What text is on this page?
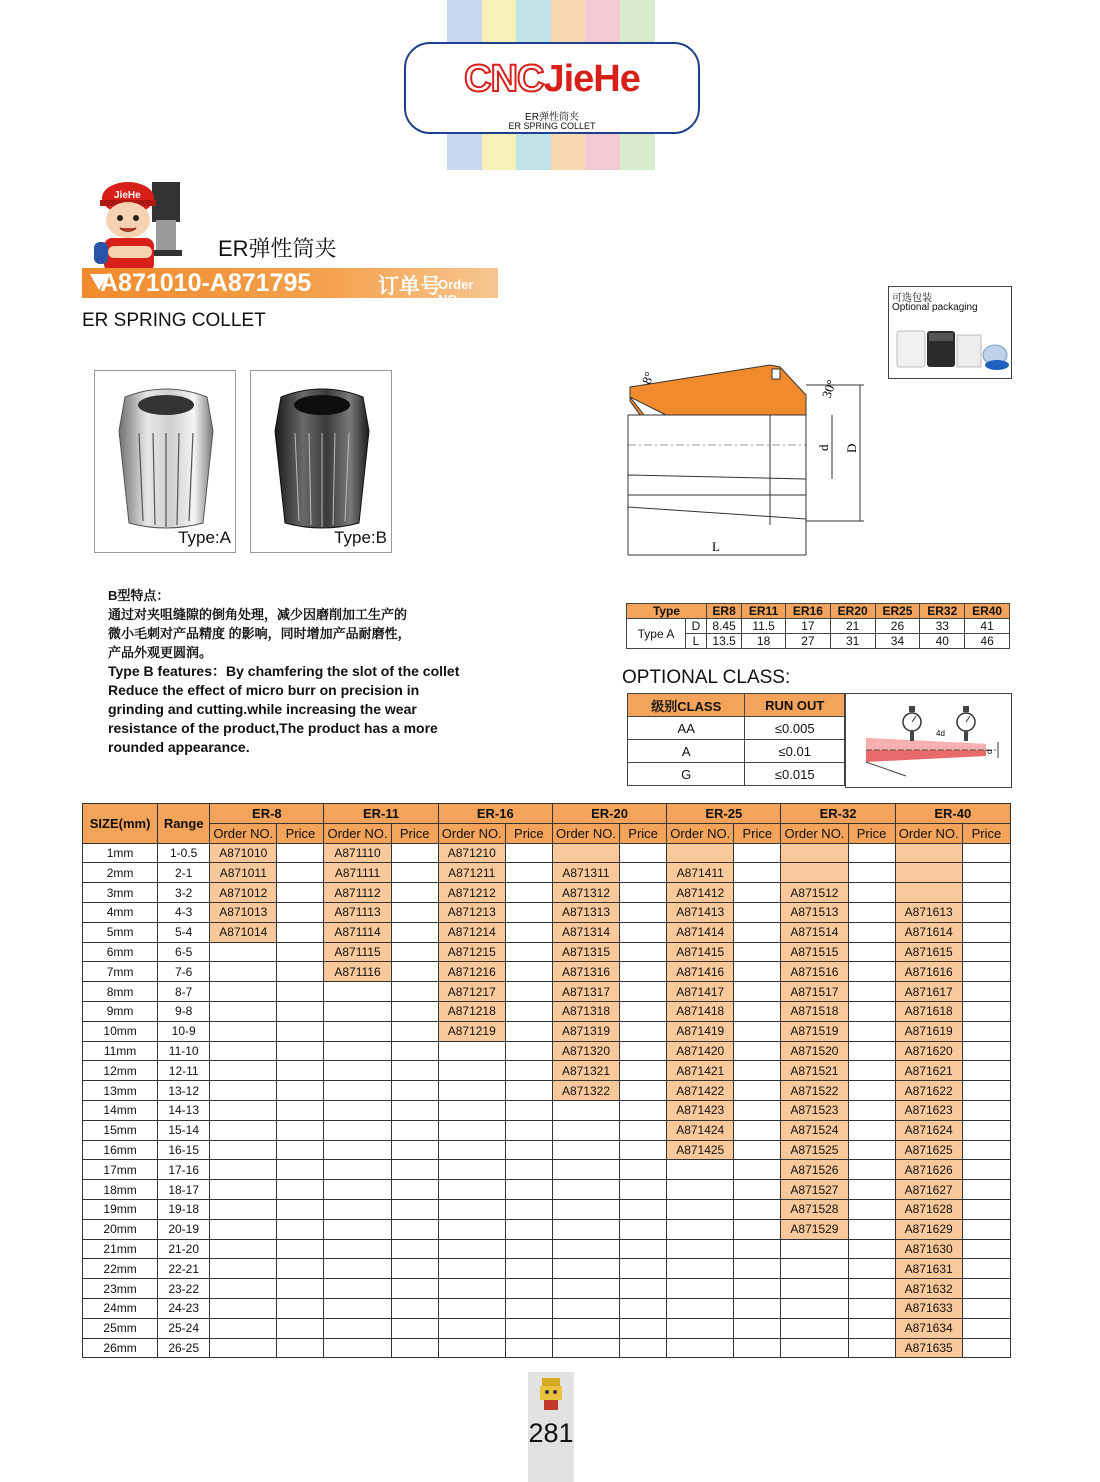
CNCJieHe
ER弹性筒夹
ER SPRING COLLET
JieHe
ER弹性筒夹
A871010-A871795	订单号
Order NO.
ER SPRING COLLET
可选包装
Optional packaging
Type:A	Type:B
8°	30°
d D
L
B型特点：
通过对夹咀缝隙的倒角处理，减少因磨削加工生产的
微小毛刺对产品精度 的影响，同时增加产品耐磨性，
产品外观更圆润。
Type B features：By chamfering the slot of the collet
Reduce the effect of micro burr on precision in
grinding and cutting.while increasing the wear
resistance of the product,The product has a more
rounded appearance.
Type		ER8	ER11	ER16	ER20	ER25	ER32	ER40
Type A	D	8.45	11.5	17	21	26	33	41
	L	13.5	18	27	31	34	40	46
OPTIONAL CLASS:
级别CLASS	RUN OUT
AA	≤0.005
A	≤0.01
G	≤0.015
4d
d
SIZE(mm)	Range	ER-8		ER-11		ER-16		ER-20		ER-25		ER-32		ER-40	
		Order NO.	Price	Order NO.	Price	Order NO.	Price	Order NO.	Price	Order NO.	Price	Order NO.	Price	Order NO.	Price
1mm	1-0.5	A871010		A871110		A871210									
2mm	2-1	A871011		A871111		A871211		A871311		A871411					
3mm	3-2	A871012		A871112		A871212		A871312		A871412		A871512			
4mm	4-3	A871013		A871113		A871213		A871313		A871413		A871513		A871613	
5mm	5-4	A871014		A871114		A871214		A871314		A871414		A871514		A871614	
6mm	6-5			A871115		A871215		A871315		A871415		A871515		A871615	
7mm	7-6			A871116		A871216		A871316		A871416		A871516		A871616	
8mm	8-7					A871217		A871317		A871417		A871517		A871617	
9mm	9-8					A871218		A871318		A871418		A871518		A871618	
10mm	10-9					A871219		A871319		A871419		A871519		A871619	
11mm	11-10							A871320		A871420		A871520		A871620	
12mm	12-11							A871321		A871421		A871521		A871621	
13mm	13-12							A871322		A871422		A871522		A871622	
14mm	14-13									A871423		A871523		A871623	
15mm	15-14									A871424		A871524		A871624	
16mm	16-15									A871425		A871525		A871625	
17mm	17-16											A871526		A871626	
18mm	18-17											A871527		A871627	
19mm	19-18											A871528		A871628	
20mm	20-19											A871529		A871629	
21mm	21-20													A871630	
22mm	22-21													A871631	
23mm	23-22													A871632	
24mm	24-23													A871633	
25mm	25-24													A871634	
26mm	26-25													A871635	
281
